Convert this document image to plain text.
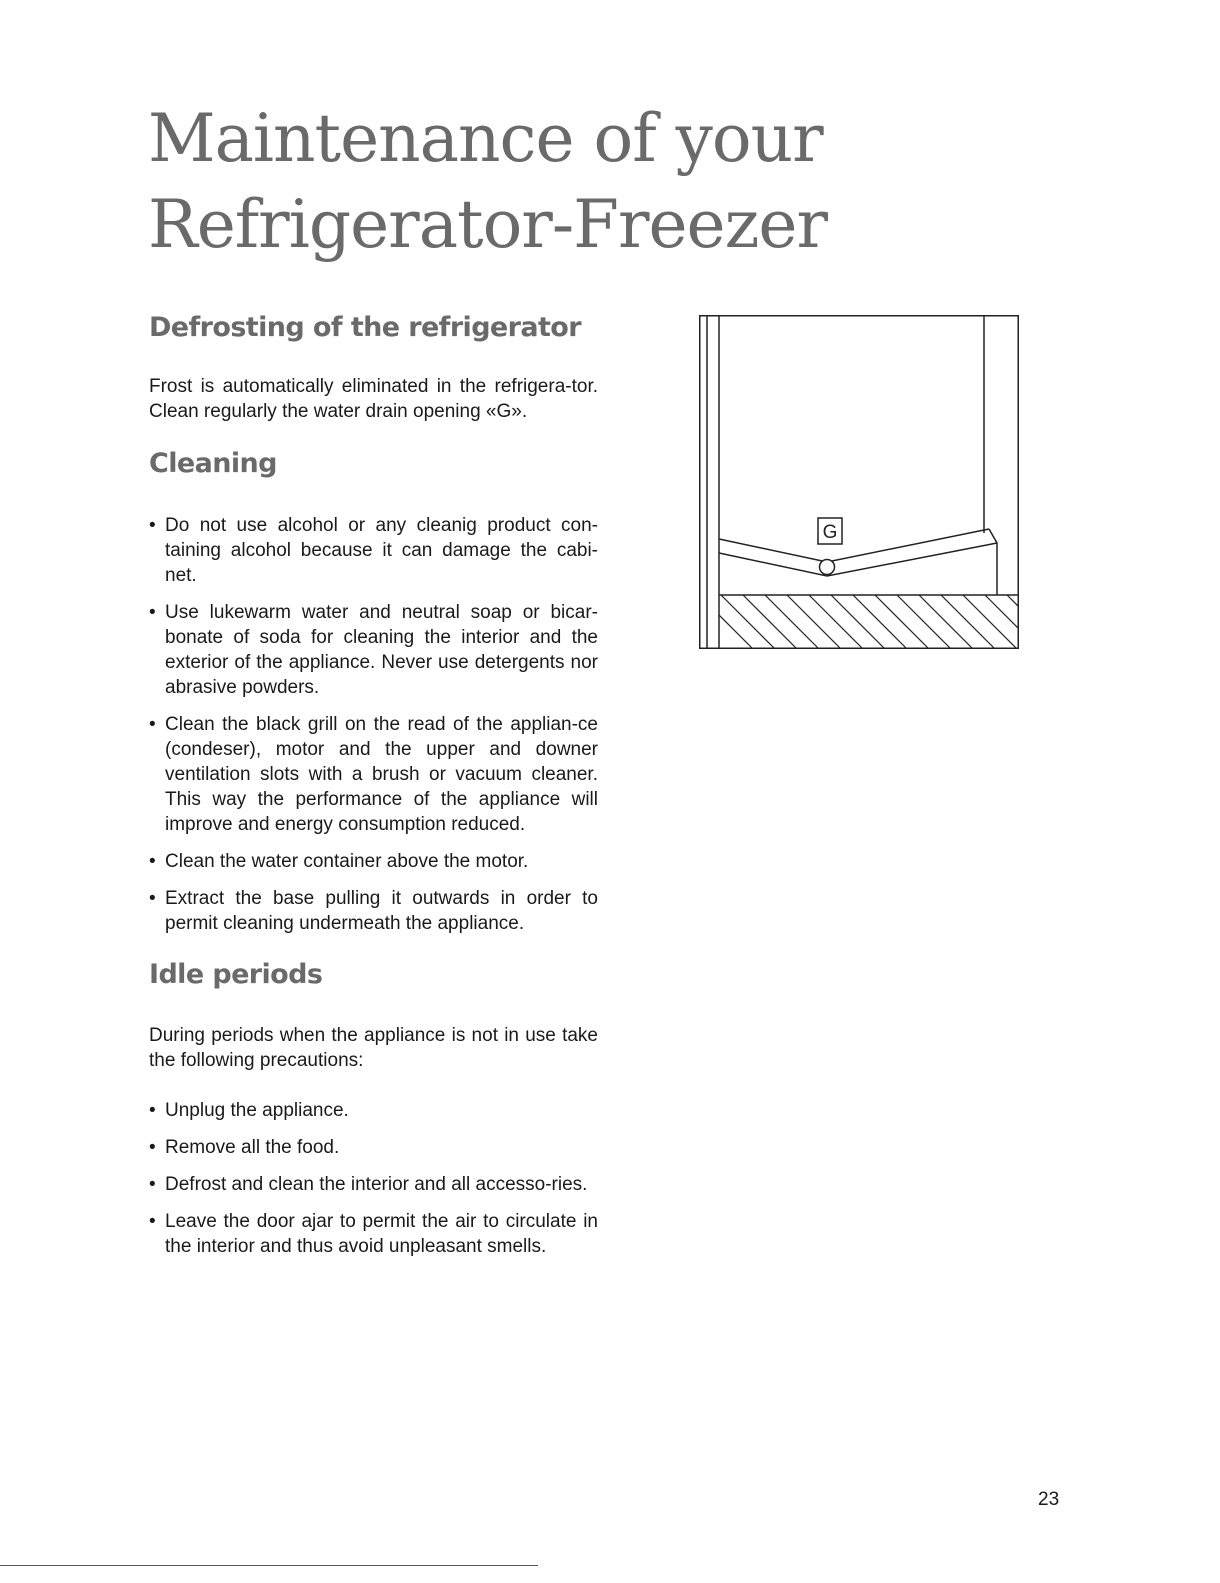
Maintenance of your
Refrigerator-Freezer
Defrosting of the refrigerator

Frost is automatically eliminated in the refrigera-tor. Clean regularly the water drain opening «G».

Cleaning
• Do not use alcohol or any cleanig product con-taining alcohol because it can damage the cabi-net.
• Use lukewarm water and neutral soap or bicar-bonate of soda for cleaning the interior and the exterior of the appliance. Never use detergents nor abrasive powders.
• Clean the black grill on the read of the applian-ce (condeser), motor and the upper and downer ventilation slots with a brush or vacuum cleaner. This way the performance of the appliance will improve and energy consumption reduced.
• Clean the water container above the motor.
• Extract the base pulling it outwards in order to permit cleaning undermeath the appliance.
Idle periods

During periods when the appliance is not in use take the following precautions:

• Unplug the appliance.
• Remove all the food.
• Defrost and clean the interior and all accesso-ries.
• Leave the door ajar to permit the air to circulate in the interior and thus avoid unpleasant smells.
G
23
